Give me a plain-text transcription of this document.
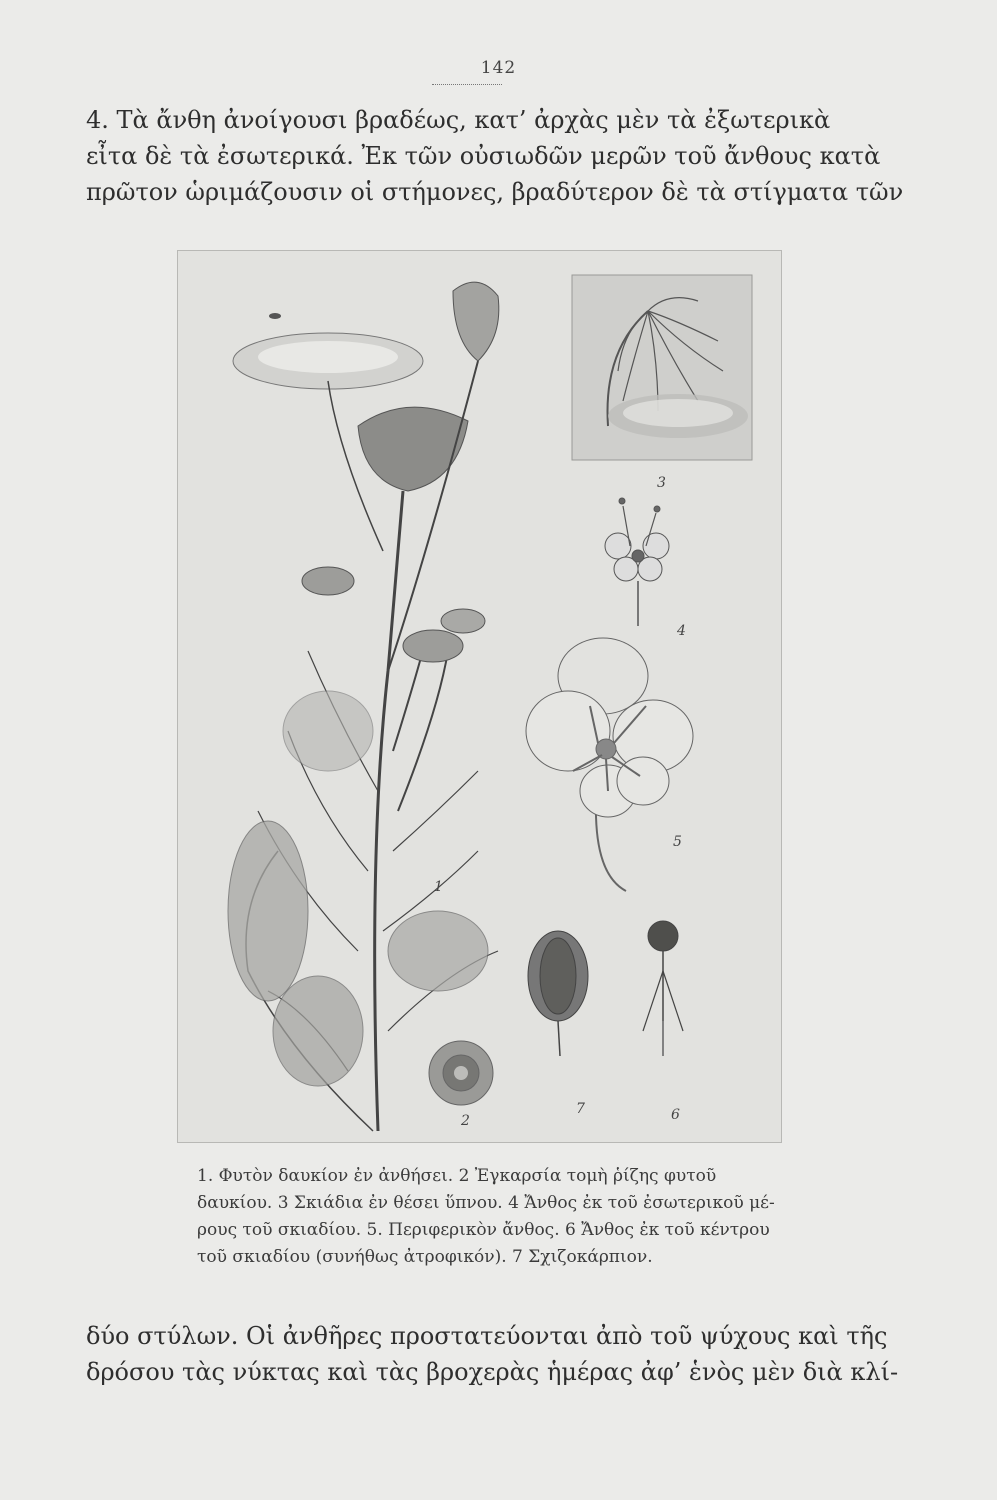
142
4. Τὰ ἄνθη ἀνοίγουσι βραδέως, κατ’ ἀρχὰς μὲν τὰ ἐξωτερικὰ
εἶτα δὲ τὰ ἐσωτερικά. Ἐκ τῶν οὐσιωδῶν μερῶν τοῦ ἄνθους κατὰ
πρῶτον ὡριμάζουσιν οἱ στήμονες, βραδύτερον δὲ τὰ στίγματα τῶν
1
2
3
4
5
6
7
1. Φυτὸν δαυκίον ἐν ἀνθήσει. 2 Ἐγκαρσία τομὴ ῥίζης φυτοῦ
δαυκίου. 3 Σκιάδια ἐν θέσει ὕπνου. 4 Ἄνθος ἐκ τοῦ ἐσωτερικοῦ μέ-
ρους τοῦ σκιαδίου. 5. Περιφερικὸν ἄνθος. 6 Ἄνθος ἐκ τοῦ κέντρου
τοῦ σκιαδίου (συνήθως ἀτροφικόν). 7 Σχιζοκάρπιον.
δύο στύλων. Οἱ ἀνθῆρες προστατεύονται ἀπὸ τοῦ ψύχους καὶ τῆς
δρόσου τὰς νύκτας καὶ τὰς βροχερὰς ἡμέρας ἀφ’ ἑνὸς μὲν διὰ κλί-
